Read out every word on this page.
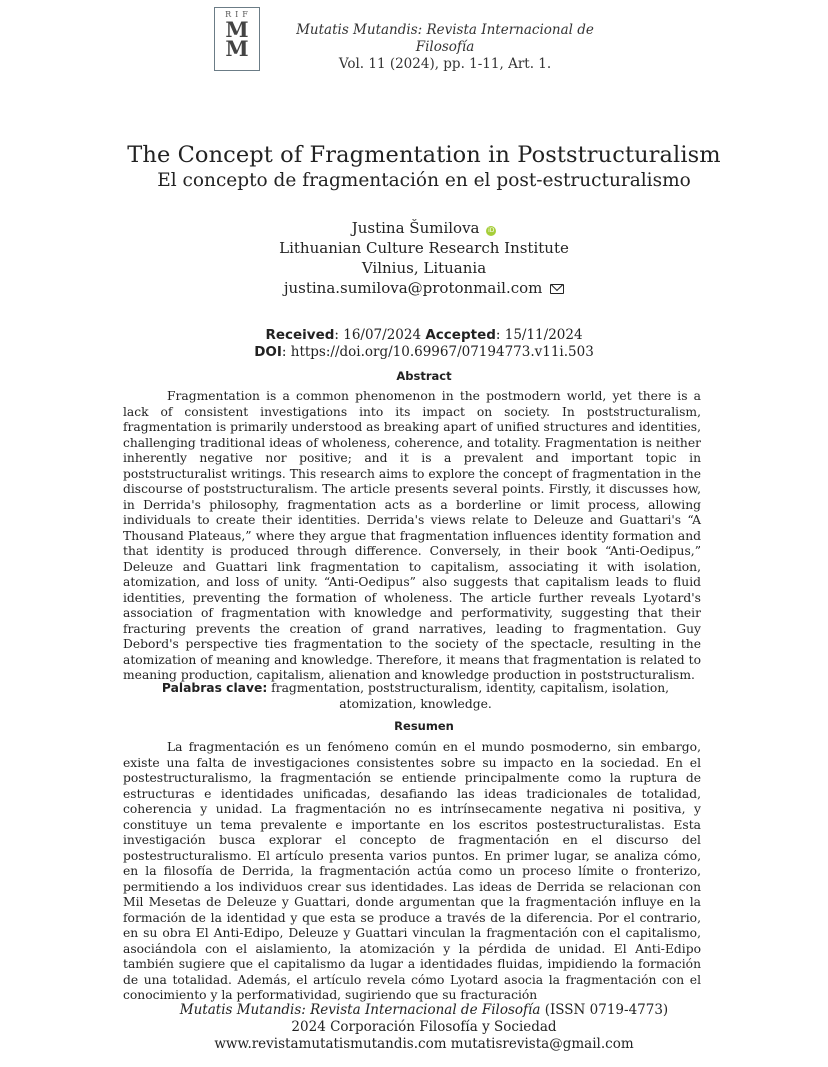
RIF
M
M
Mutatis Mutandis: Revista Internacional de Filosofía
Vol. 11 (2024), pp. 1-11, Art. 1.
The Concept of Fragmentation in Poststructuralism
El concepto de fragmentación en el post-estructuralismo
Justina Šumilova iD
Lithuanian Culture Research Institute
Vilnius, Lituania
justina.sumilova@protonmail.com
Received: 16/07/2024 Accepted: 15/11/2024
DOI: https://doi.org/10.69967/07194773.v11i.503
Abstract

Fragmentation is a common phenomenon in the postmodern world, yet there is a lack of consistent investigations into its impact on society. In poststructuralism, fragmentation is primarily understood as breaking apart of unified structures and identities, challenging traditional ideas of wholeness, coherence, and totality. Fragmentation is neither inherently negative nor positive; and it is a prevalent and important topic in poststructuralist writings. This research aims to explore the concept of fragmentation in the discourse of poststructuralism. The article presents several points. Firstly, it discusses how, in Derrida's philosophy, fragmentation acts as a borderline or limit process, allowing individuals to create their identities. Derrida's views relate to Deleuze and Guattari's “A Thousand Plateaus,” where they argue that fragmentation influences identity formation and that identity is produced through difference. Conversely, in their book “Anti-Oedipus,” Deleuze and Guattari link fragmentation to capitalism, associating it with isolation, atomization, and loss of unity. “Anti-Oedipus” also suggests that capitalism leads to fluid identities, preventing the formation of wholeness. The article further reveals Lyotard's association of fragmentation with knowledge and performativity, suggesting that their fracturing prevents the creation of grand narratives, leading to fragmentation. Guy Debord's perspective ties fragmentation to the society of the spectacle, resulting in the atomization of meaning and knowledge. Therefore, it means that fragmentation is related to meaning production, capitalism, alienation and knowledge production in poststructuralism.

Palabras clave: fragmentation, poststructuralism, identity, capitalism, isolation, atomization, knowledge.
Resumen

La fragmentación es un fenómeno común en el mundo posmoderno, sin embargo, existe una falta de investigaciones consistentes sobre su impacto en la sociedad. En el postestructuralismo, la fragmentación se entiende principalmente como la ruptura de estructuras e identidades unificadas, desafiando las ideas tradicionales de totalidad, coherencia y unidad. La fragmentación no es intrínsecamente negativa ni positiva, y constituye un tema prevalente e importante en los escritos postestructuralistas. Esta investigación busca explorar el concepto de fragmentación en el discurso del postestructuralismo. El artículo presenta varios puntos. En primer lugar, se analiza cómo, en la filosofía de Derrida, la fragmentación actúa como un proceso límite o fronterizo, permitiendo a los individuos crear sus identidades. Las ideas de Derrida se relacionan con Mil Mesetas de Deleuze y Guattari, donde argumentan que la fragmentación influye en la formación de la identidad y que esta se produce a través de la diferencia. Por el contrario, en su obra El Anti-Edipo, Deleuze y Guattari vinculan la fragmentación con el capitalismo, asociándola con el aislamiento, la atomización y la pérdida de unidad. El Anti-Edipo también sugiere que el capitalismo da lugar a identidades fluidas, impidiendo la formación de una totalidad. Además, el artículo revela cómo Lyotard asocia la fragmentación con el conocimiento y la performatividad, sugiriendo que su fracturación

Mutatis Mutandis: Revista Internacional de Filosofía (ISSN 0719-4773)
2024 Corporación Filosofía y Sociedad
www.revistamutatismutandis.com mutatisrevista@gmail.com
